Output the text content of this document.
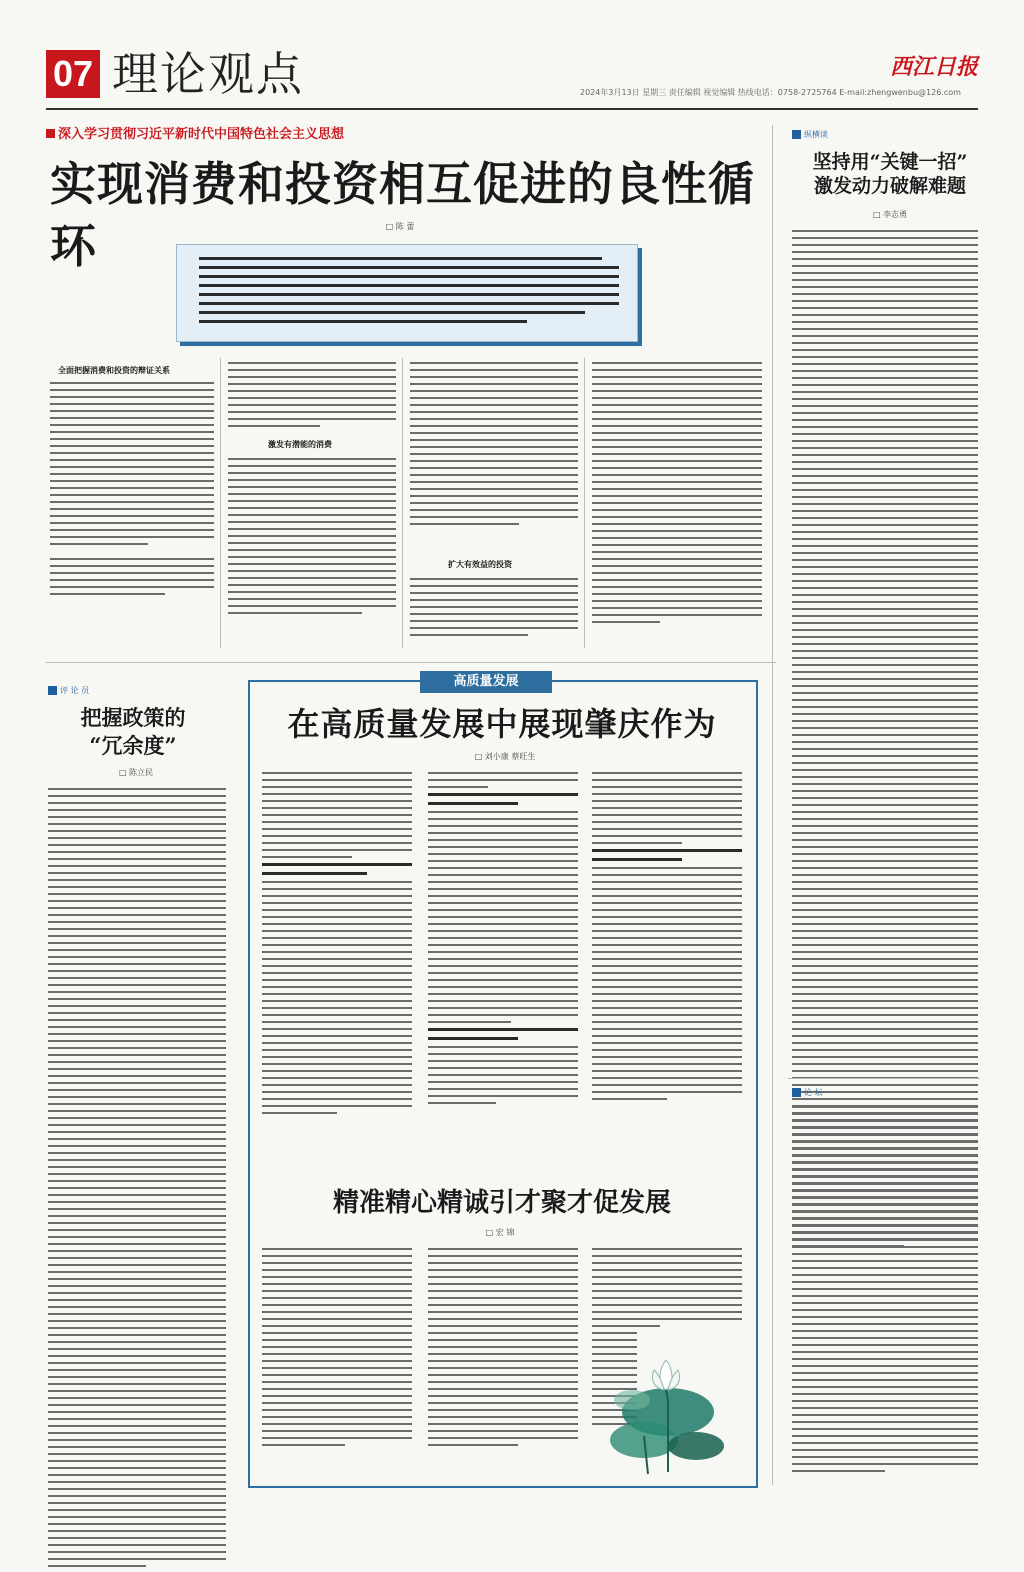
07 理论观点	西江日报
2024年3月13日 星期三 责任编辑 视觉编辑 热线电话：0758-2725764 E-mail:zhengwenbu@126.com
深入学习贯彻习近平新时代中国特色社会主义思想
实现消费和投资相互促进的良性循环	□ 陈 蕾
全面把握消费和投资的辩证关系
激发有潜能的消费
扩大有效益的投资
纵横谈
坚持用“关键一招”
激发动力破解难题
□ 李志勇
论 坛
评 论 员
把握政策的
“冗余度”
□ 陈立民
高质量发展
在高质量发展中展现肇庆作为
□ 刘小康 蔡旺生
精准精心精诚引才聚才促发展
□ 宏 锦
